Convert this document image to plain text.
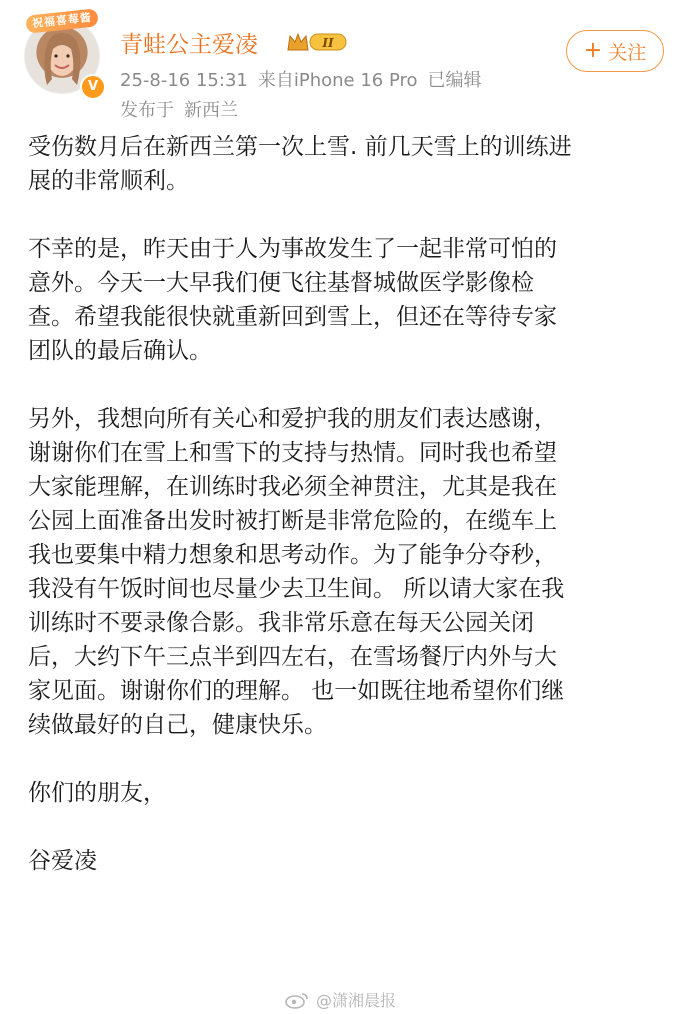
祝福喜莓酱
V
青蛙公主爱凌	II
25-8-16 15:31 来自iPhone 16 Pro 已编辑
发布于 新西兰
+ 关注

受伤数月后在新西兰第一次上雪. 前几天雪上的训练进
展的非常顺利。

不幸的是，昨天由于人为事故发生了一起非常可怕的
意外。今天一大早我们便飞往基督城做医学影像检
查。希望我能很快就重新回到雪上，但还在等待专家
团队的最后确认。

另外，我想向所有关心和爱护我的朋友们表达感谢，
谢谢你们在雪上和雪下的支持与热情。同时我也希望
大家能理解，在训练时我必须全神贯注，尤其是我在
公园上面准备出发时被打断是非常危险的，在缆车上
我也要集中精力想象和思考动作。为了能争分夺秒，
我没有午饭时间也尽量少去卫生间。 所以请大家在我
训练时不要录像合影。我非常乐意在每天公园关闭
后，大约下午三点半到四左右，在雪场餐厅内外与大
家见面。谢谢你们的理解。 也一如既往地希望你们继
续做最好的自己，健康快乐。

你们的朋友，

谷爱凌

@潇湘晨报
